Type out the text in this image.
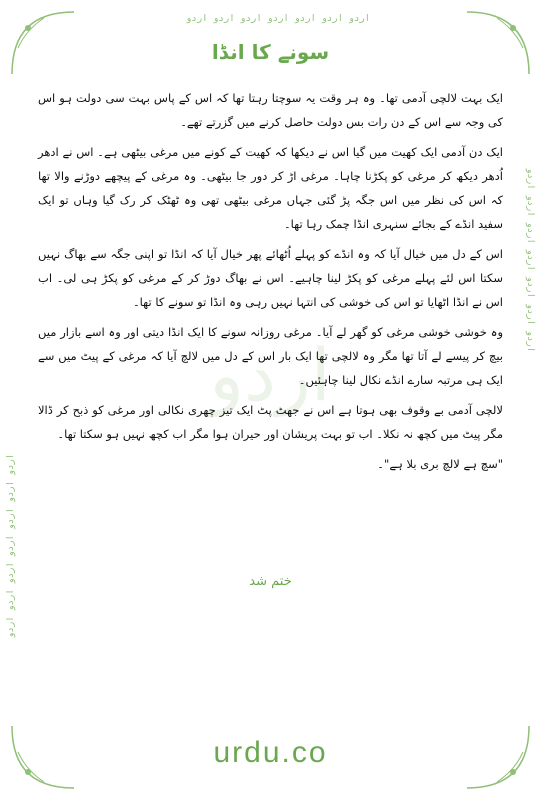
اردو اردو اردو اردو اردو اردو اردو
اردو اردو اردو اردو اردو اردو اردو
اردو اردو اردو اردو اردو اردو اردو
اردو
سونے کا انڈا

ایک بہت لالچی آدمی تھا۔ وہ ہر وقت یہ سوچتا رہتا تھا کہ اس کے پاس بہت سی دولت ہو اس کی وجہ سے اس کے دن رات بس دولت حاصل کرنے میں گزرتے تھے۔

ایک دن آدمی ایک کھیت میں گیا اس نے دیکھا کہ کھیت کے کونے میں مرغی بیٹھی ہے۔ اس نے ادھر اُدھر دیکھ کر مرغی کو پکڑنا چاہا۔ مرغی اڑ کر دور جا بیٹھی۔ وہ مرغی کے پیچھے دوڑنے والا تھا کہ اس کی نظر میں اس جگہ پڑ گئی جہاں مرغی بیٹھی تھی وہ ٹھٹک کر رک گیا وہاں تو ایک سفید انڈے کے بجائے سنہری انڈا چمک رہا تھا۔

اس کے دل میں خیال آیا کہ وہ انڈے کو پہلے اُٹھائے پھر خیال آیا کہ انڈا تو اپنی جگہ سے بھاگ نہیں سکتا اس لئے پہلے مرغی کو پکڑ لینا چاہیے۔ اس نے بھاگ دوڑ کر کے مرغی کو پکڑ ہی لی۔ اب اس نے انڈا اٹھایا تو اس کی خوشی کی انتہا نہیں رہی وہ انڈا تو سونے کا تھا۔

وہ خوشی خوشی مرغی کو گھر لے آیا۔ مرغی روزانہ سونے کا ایک انڈا دیتی اور وہ اسے بازار میں بیچ کر پیسے لے آتا تھا مگر وہ لالچی تھا ایک بار اس کے دل میں لالچ آیا کہ مرغی کے پیٹ میں سے ایک ہی مرتبہ سارے انڈے نکال لینا چاہئیں۔

لالچی آدمی بے وقوف بھی ہوتا ہے اس نے جھٹ پٹ ایک تیز چھری نکالی اور مرغی کو ذبح کر ڈالا مگر پیٹ میں کچھ نہ نکلا۔ اب تو بہت پریشان اور حیران ہوا مگر اب کچھ نہیں ہو سکتا تھا۔

"سچ ہے لالچ بری بلا ہے"۔

ختم شد
urdu.co
